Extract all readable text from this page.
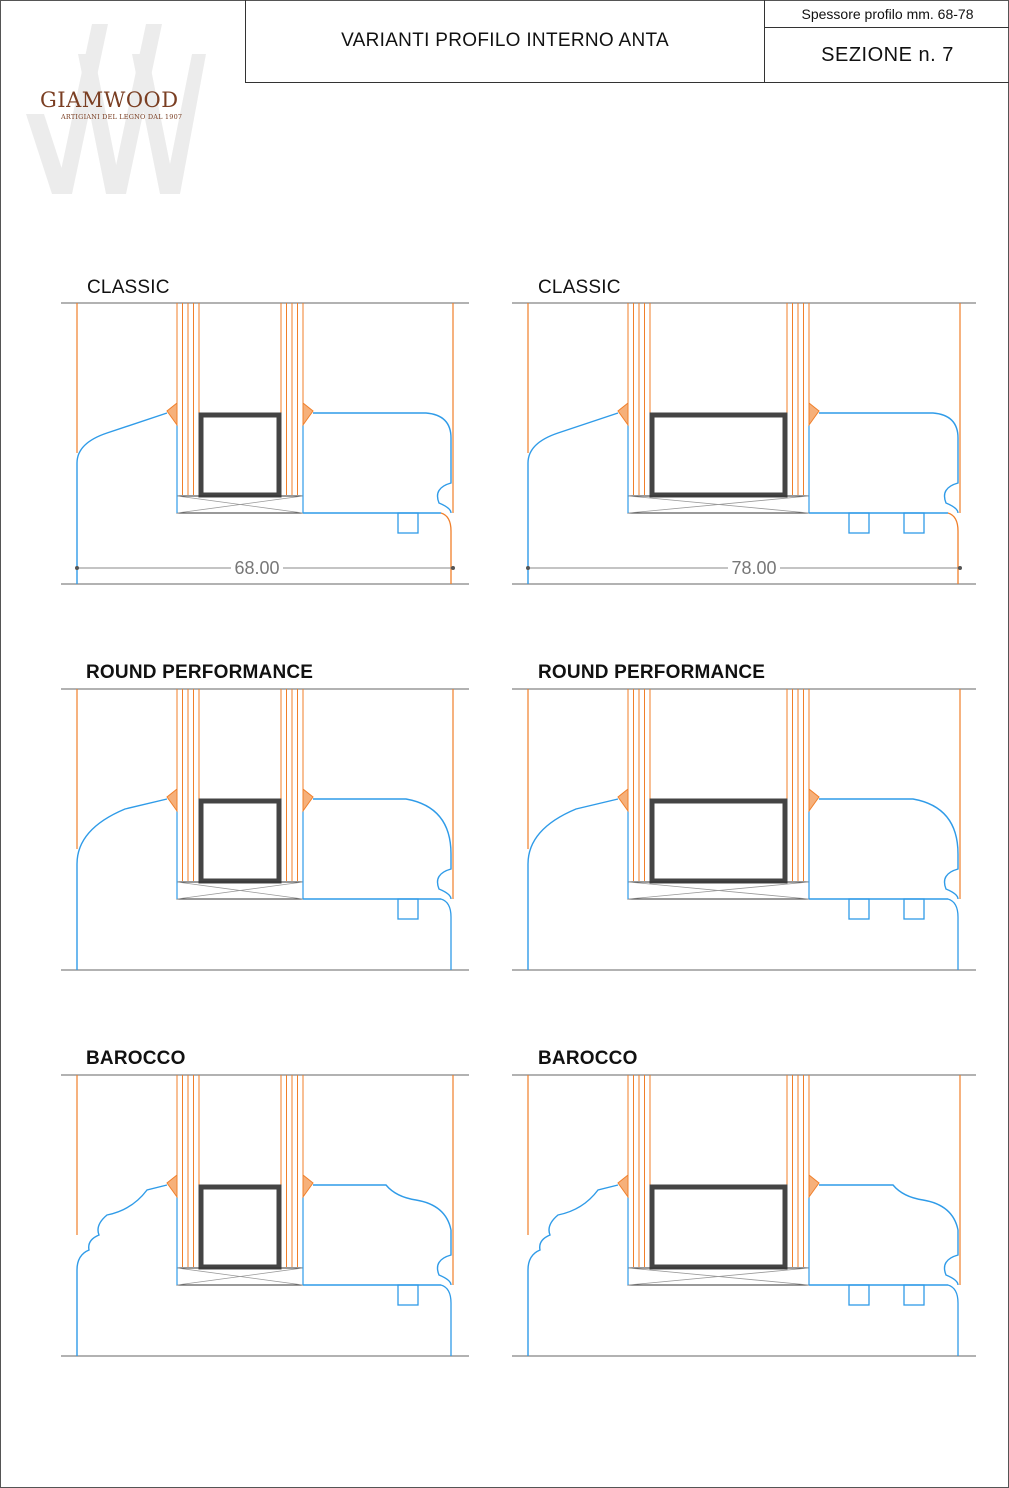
VARIANTI PROFILO INTERNO ANTA
Spessore profilo mm. 68-78
SEZIONE n. 7
GIAMWOOD
ARTIGIANI DEL LEGNO DAL 1907
CLASSIC	CLASSIC
ROUND PERFORMANCE	ROUND PERFORMANCE
BAROCCO	BAROCCO
68.00	78.00
